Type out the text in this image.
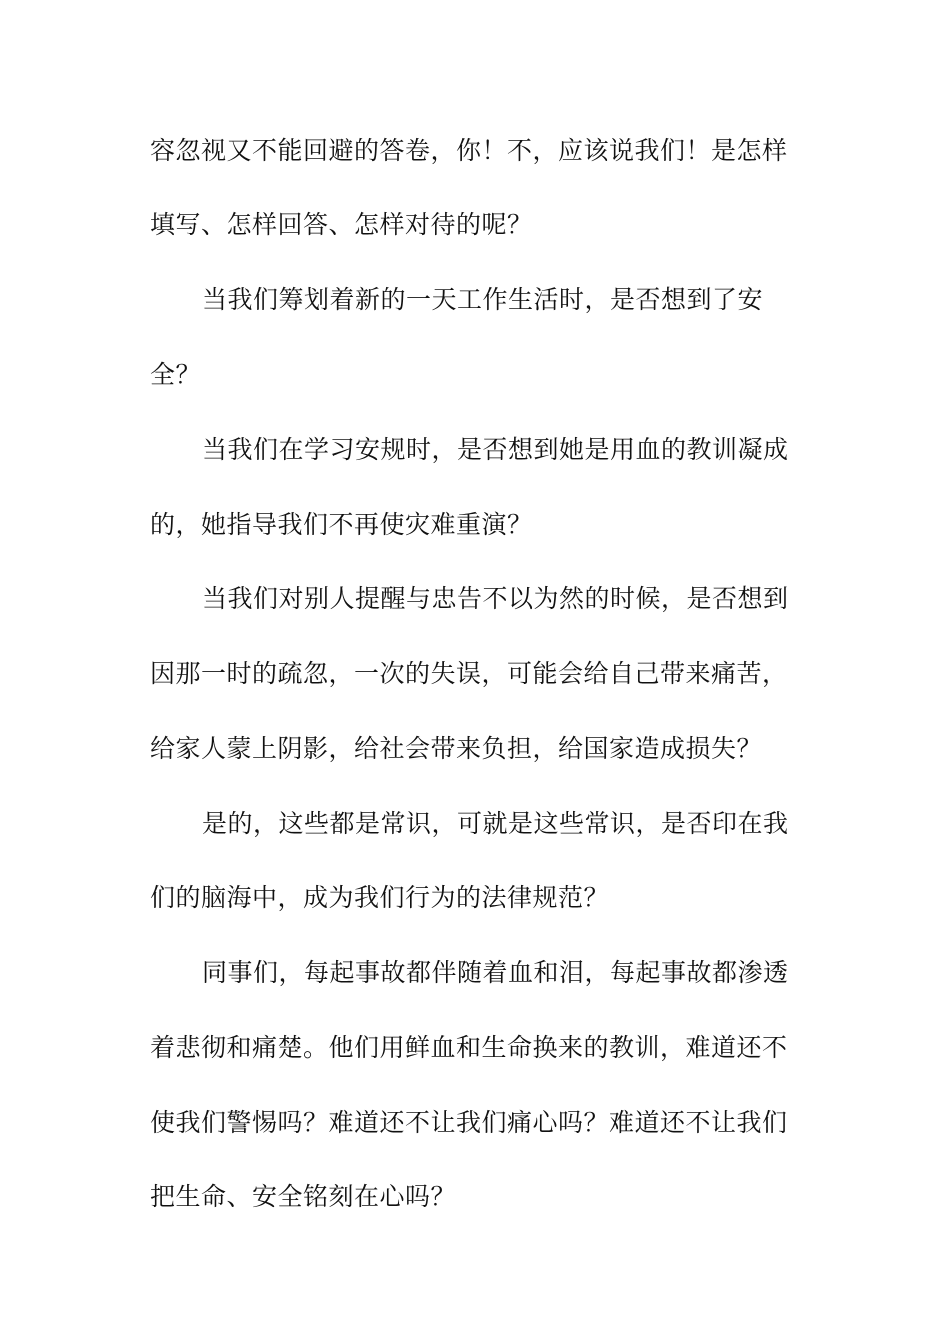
容忽视又不能回避的答卷，你！不，应该说我们！是怎样
填写、怎样回答、怎样对待的呢？
当我们筹划着新的一天工作生活时，是否想到了安
全？
当我们在学习安规时，是否想到她是用血的教训凝成
的，她指导我们不再使灾难重演？
当我们对别人提醒与忠告不以为然的时候，是否想到
因那一时的疏忽，一次的失误，可能会给自己带来痛苦，
给家人蒙上阴影，给社会带来负担，给国家造成损失？
是的，这些都是常识，可就是这些常识，是否印在我
们的脑海中，成为我们行为的法律规范？
同事们，每起事故都伴随着血和泪，每起事故都渗透
着悲彻和痛楚。他们用鲜血和生命换来的教训，难道还不
使我们警惕吗？难道还不让我们痛心吗？难道还不让我们
把生命、安全铭刻在心吗？
